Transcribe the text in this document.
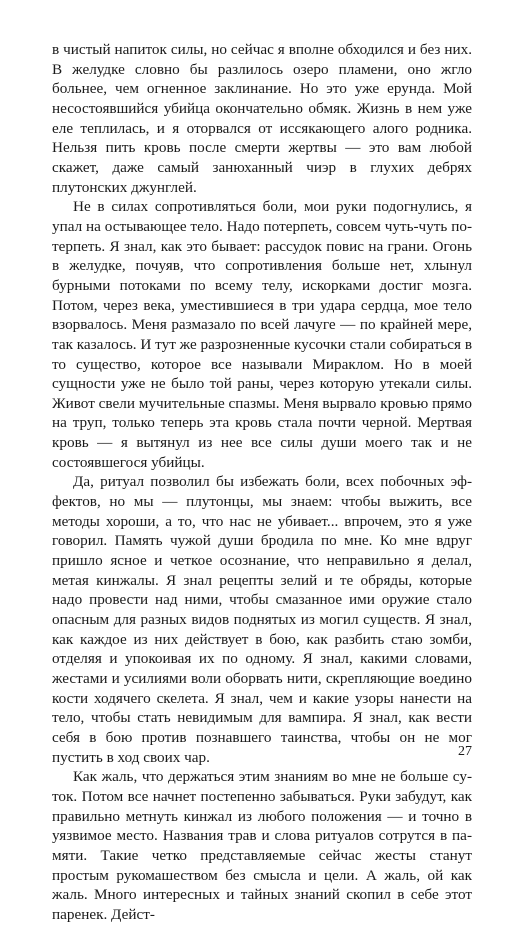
в чистый напиток силы, но сейчас я вполне обходился и без них. В желудке словно бы разлилось озеро пламени, оно жгло больнее, чем огненное заклинание. Но это уже ерунда. Мой несостоявшийся убийца окончательно обмяк. Жизнь в нем уже еле теплилась, и я оторвался от иссякающего алого родника. Нельзя пить кровь после смерти жертвы — это вам любой скажет, даже самый занюханный чиэр в глухих дебрях плутонских джунглей.

Не в силах сопротивляться боли, мои руки подогнулись, я упал на остывающее тело. Надо потерпеть, совсем чуть-чуть потерпеть. Я знал, как это бывает: рассудок повис на грани. Огонь в желудке, почуяв, что сопротивления больше нет, хлынул бурными потоками по всему телу, искорками достиг мозга. Потом, через века, уместившиеся в три удара сердца, мое тело взорвалось. Меня размазало по всей лачуге — по крайней мере, так казалось. И тут же разрозненные кусочки стали собираться в то существо, которое все называли Мираклом. Но в моей сущности уже не было той раны, через которую утекали силы. Живот свели мучительные спазмы. Меня вырвало кровью прямо на труп, только теперь эта кровь стала почти черной. Мертвая кровь — я вытянул из нее все силы души моего так и не состоявшегося убийцы.

Да, ритуал позволил бы избежать боли, всех побочных эффектов, но мы — плутонцы, мы знаем: чтобы выжить, все методы хороши, а то, что нас не убивает... впрочем, это я уже говорил. Память чужой души бродила по мне. Ко мне вдруг пришло ясное и четкое осознание, что неправильно я делал, метая кинжалы. Я знал рецепты зелий и те обряды, которые надо провести над ними, чтобы смазанное ими оружие стало опасным для разных видов поднятых из могил существ. Я знал, как каждое из них действует в бою, как разбить стаю зомби, отделяя и упокоивая их по одному. Я знал, какими словами, жестами и усилиями воли оборвать нити, скрепляющие воедино кости ходячего скелета. Я знал, чем и какие узоры нанести на тело, чтобы стать невидимым для вампира. Я знал, как вести себя в бою против познавшего таинства, чтобы он не мог пустить в ход своих чар.

Как жаль, что держаться этим знаниям во мне не больше суток. Потом все начнет постепенно забываться. Руки забудут, как правильно метнуть кинжал из любого положения — и точно в уязвимое место. Названия трав и слова ритуалов сотрутся в памяти. Такие четко представляемые сейчас жесты станут простым рукомашеством без смысла и цели. А жаль, ой как жаль. Много интересных и тайных знаний скопил в себе этот паренек. Дейст-

27
